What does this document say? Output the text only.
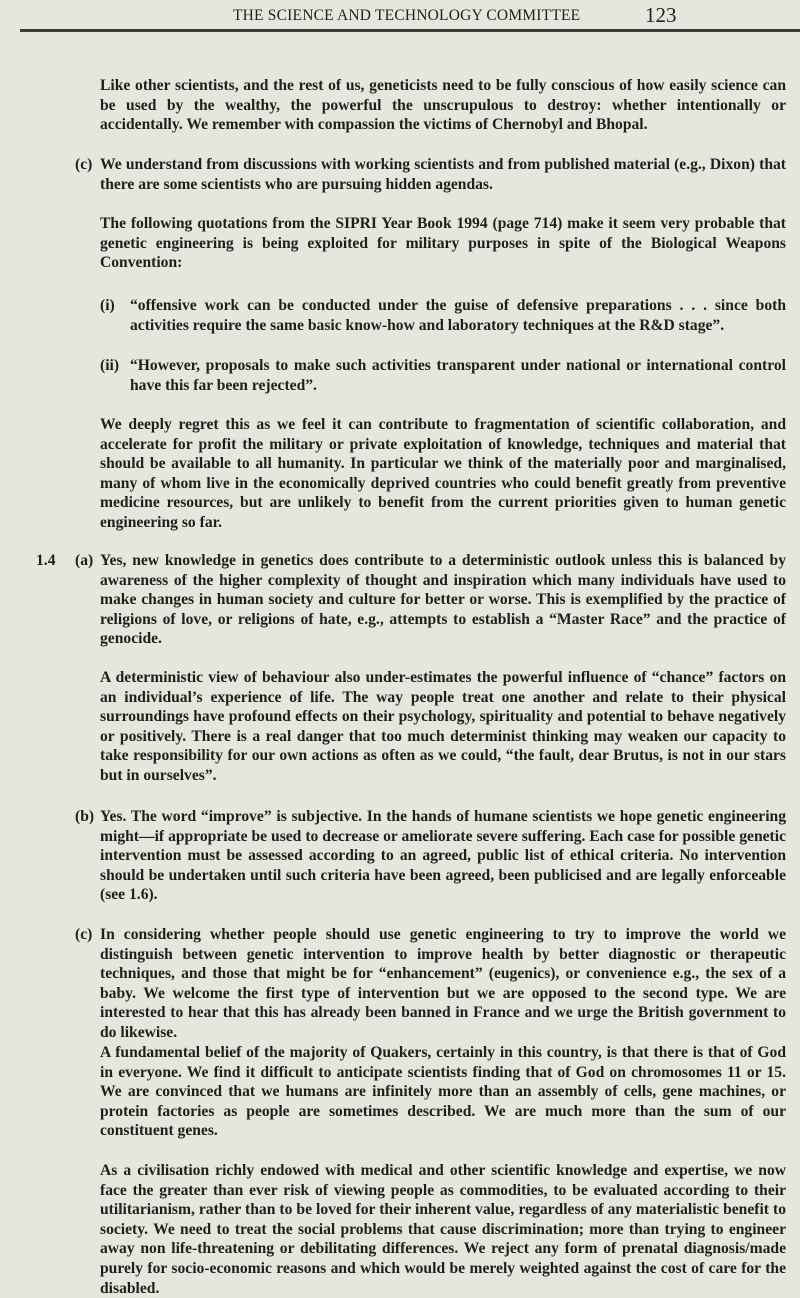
THE SCIENCE AND TECHNOLOGY COMMITTEE	123

Like other scientists, and the rest of us, geneticists need to be fully conscious of how easily science can be used by the wealthy, the powerful the unscrupulous to destroy: whether intentionally or accidentally. We remember with compassion the victims of Chernobyl and Bhopal.

(c) We understand from discussions with working scientists and from published material (e.g., Dixon) that there are some scientists who are pursuing hidden agendas.

The following quotations from the SIPRI Year Book 1994 (page 714) make it seem very probable that genetic engineering is being exploited for military purposes in spite of the Biological Weapons Convention:

(i) “offensive work can be conducted under the guise of defensive preparations . . . since both activities require the same basic know-how and laboratory techniques at the R&D stage”.

(ii) “However, proposals to make such activities transparent under national or international control have this far been rejected”.

We deeply regret this as we feel it can contribute to fragmentation of scientific collaboration, and accelerate for profit the military or private exploitation of knowledge, techniques and material that should be available to all humanity. In particular we think of the materially poor and marginalised, many of whom live in the economically deprived countries who could benefit greatly from preventive medicine resources, but are unlikely to benefit from the current priorities given to human genetic engineering so far.

1.4 (a) Yes, new knowledge in genetics does contribute to a deterministic outlook unless this is balanced by awareness of the higher complexity of thought and inspiration which many individuals have used to make changes in human society and culture for better or worse. This is exemplified by the practice of religions of love, or religions of hate, e.g., attempts to establish a “Master Race” and the practice of genocide.

A deterministic view of behaviour also under-estimates the powerful influence of “chance” factors on an individual’s experience of life. The way people treat one another and relate to their physical surroundings have profound effects on their psychology, spirituality and potential to behave negatively or positively. There is a real danger that too much determinist thinking may weaken our capacity to take responsibility for our own actions as often as we could, “the fault, dear Brutus, is not in our stars but in ourselves”.

(b) Yes. The word “improve” is subjective. In the hands of humane scientists we hope genetic engineering might—if appropriate be used to decrease or ameliorate severe suffering. Each case for possible genetic intervention must be assessed according to an agreed, public list of ethical criteria. No intervention should be undertaken until such criteria have been agreed, been publicised and are legally enforceable (see 1.6).

(c) In considering whether people should use genetic engineering to try to improve the world we distinguish between genetic intervention to improve health by better diagnostic or therapeutic techniques, and those that might be for “enhancement” (eugenics), or convenience e.g., the sex of a baby. We welcome the first type of intervention but we are opposed to the second type. We are interested to hear that this has already been banned in France and we urge the British government to do likewise.

A fundamental belief of the majority of Quakers, certainly in this country, is that there is that of God in everyone. We find it difficult to anticipate scientists finding that of God on chromosomes 11 or 15. We are convinced that we humans are infinitely more than an assembly of cells, gene machines, or protein factories as people are sometimes described. We are much more than the sum of our constituent genes.

As a civilisation richly endowed with medical and other scientific knowledge and expertise, we now face the greater than ever risk of viewing people as commodities, to be evaluated according to their utilitarianism, rather than to be loved for their inherent value, regardless of any materialistic benefit to society. We need to treat the social problems that cause discrimination; more than trying to engineer away non life-threatening or debilitating differences. We reject any form of prenatal diagnosis/made purely for socio-economic reasons and which would be merely weighted against the cost of care for the disabled.
